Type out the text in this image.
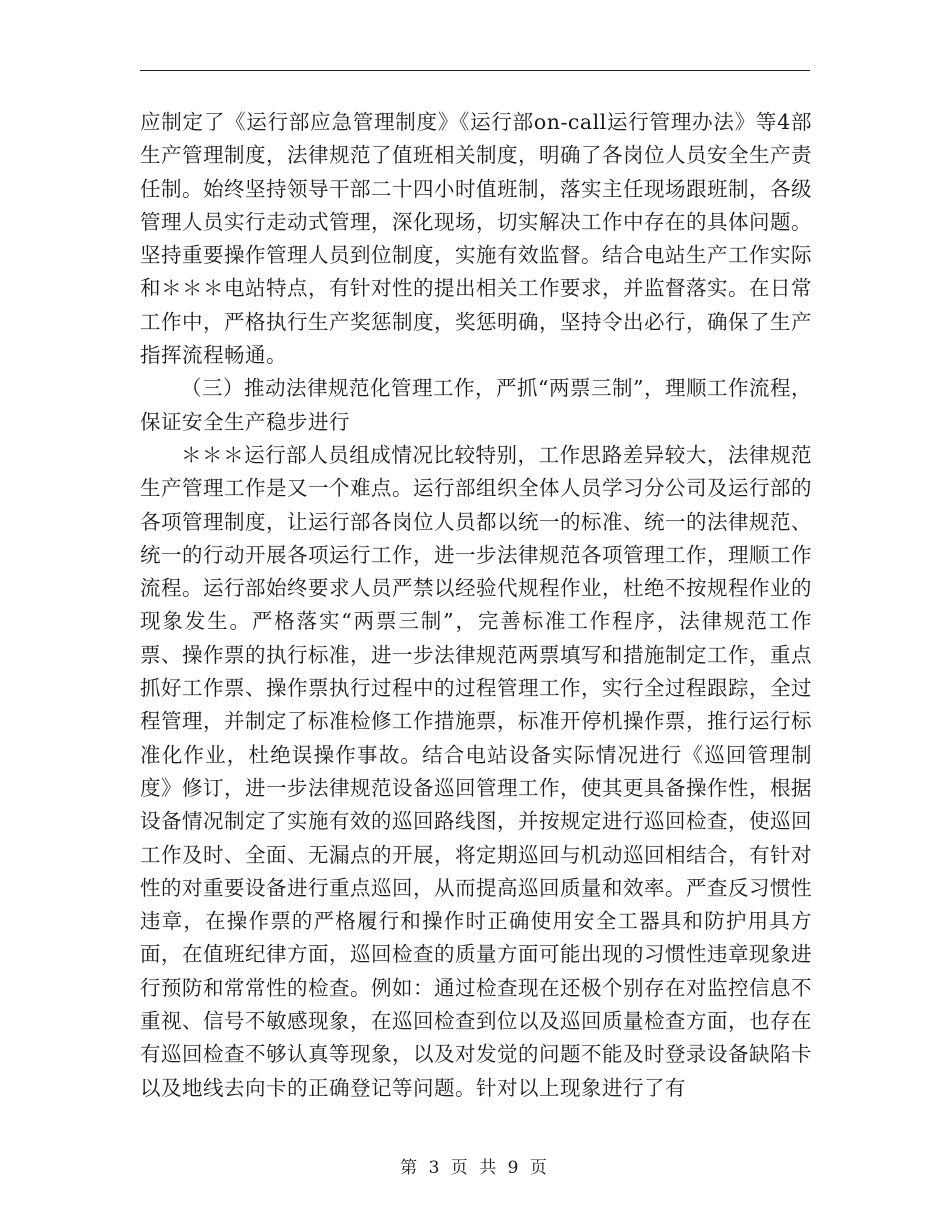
应制定了《运行部应急管理制度》《运行部on-call运行管理办法》等4部生产管理制度，法律规范了值班相关制度，明确了各岗位人员安全生产责任制。始终坚持领导干部二十四小时值班制，落实主任现场跟班制，各级管理人员实行走动式管理，深化现场，切实解决工作中存在的具体问题。坚持重要操作管理人员到位制度，实施有效监督。结合电站生产工作实际和＊＊＊电站特点，有针对性的提出相关工作要求，并监督落实。在日常工作中，严格执行生产奖惩制度，奖惩明确，坚持令出必行，确保了生产指挥流程畅通。

（三）推动法律规范化管理工作，严抓“两票三制”，理顺工作流程，保证安全生产稳步进行

＊＊＊运行部人员组成情况比较特别，工作思路差异较大，法律规范生产管理工作是又一个难点。运行部组织全体人员学习分公司及运行部的各项管理制度，让运行部各岗位人员都以统一的标准、统一的法律规范、统一的行动开展各项运行工作，进一步法律规范各项管理工作，理顺工作流程。运行部始终要求人员严禁以经验代规程作业，杜绝不按规程作业的现象发生。严格落实“两票三制”，完善标准工作程序，法律规范工作票、操作票的执行标准，进一步法律规范两票填写和措施制定工作，重点抓好工作票、操作票执行过程中的过程管理工作，实行全过程跟踪，全过程管理，并制定了标准检修工作措施票，标准开停机操作票，推行运行标准化作业，杜绝误操作事故。结合电站设备实际情况进行《巡回管理制度》修订，进一步法律规范设备巡回管理工作，使其更具备操作性，根据设备情况制定了实施有效的巡回路线图，并按规定进行巡回检查，使巡回工作及时、全面、无漏点的开展，将定期巡回与机动巡回相结合，有针对性的对重要设备进行重点巡回，从而提高巡回质量和效率。严查反习惯性违章，在操作票的严格履行和操作时正确使用安全工器具和防护用具方面，在值班纪律方面，巡回检查的质量方面可能出现的习惯性违章现象进行预防和常常性的检查。例如：通过检查现在还极个别存在对监控信息不重视、信号不敏感现象，在巡回检查到位以及巡回质量检查方面，也存在有巡回检查不够认真等现象，以及对发觉的问题不能及时登录设备缺陷卡以及地线去向卡的正确登记等问题。针对以上现象进行了有

第 3 页 共 9 页
